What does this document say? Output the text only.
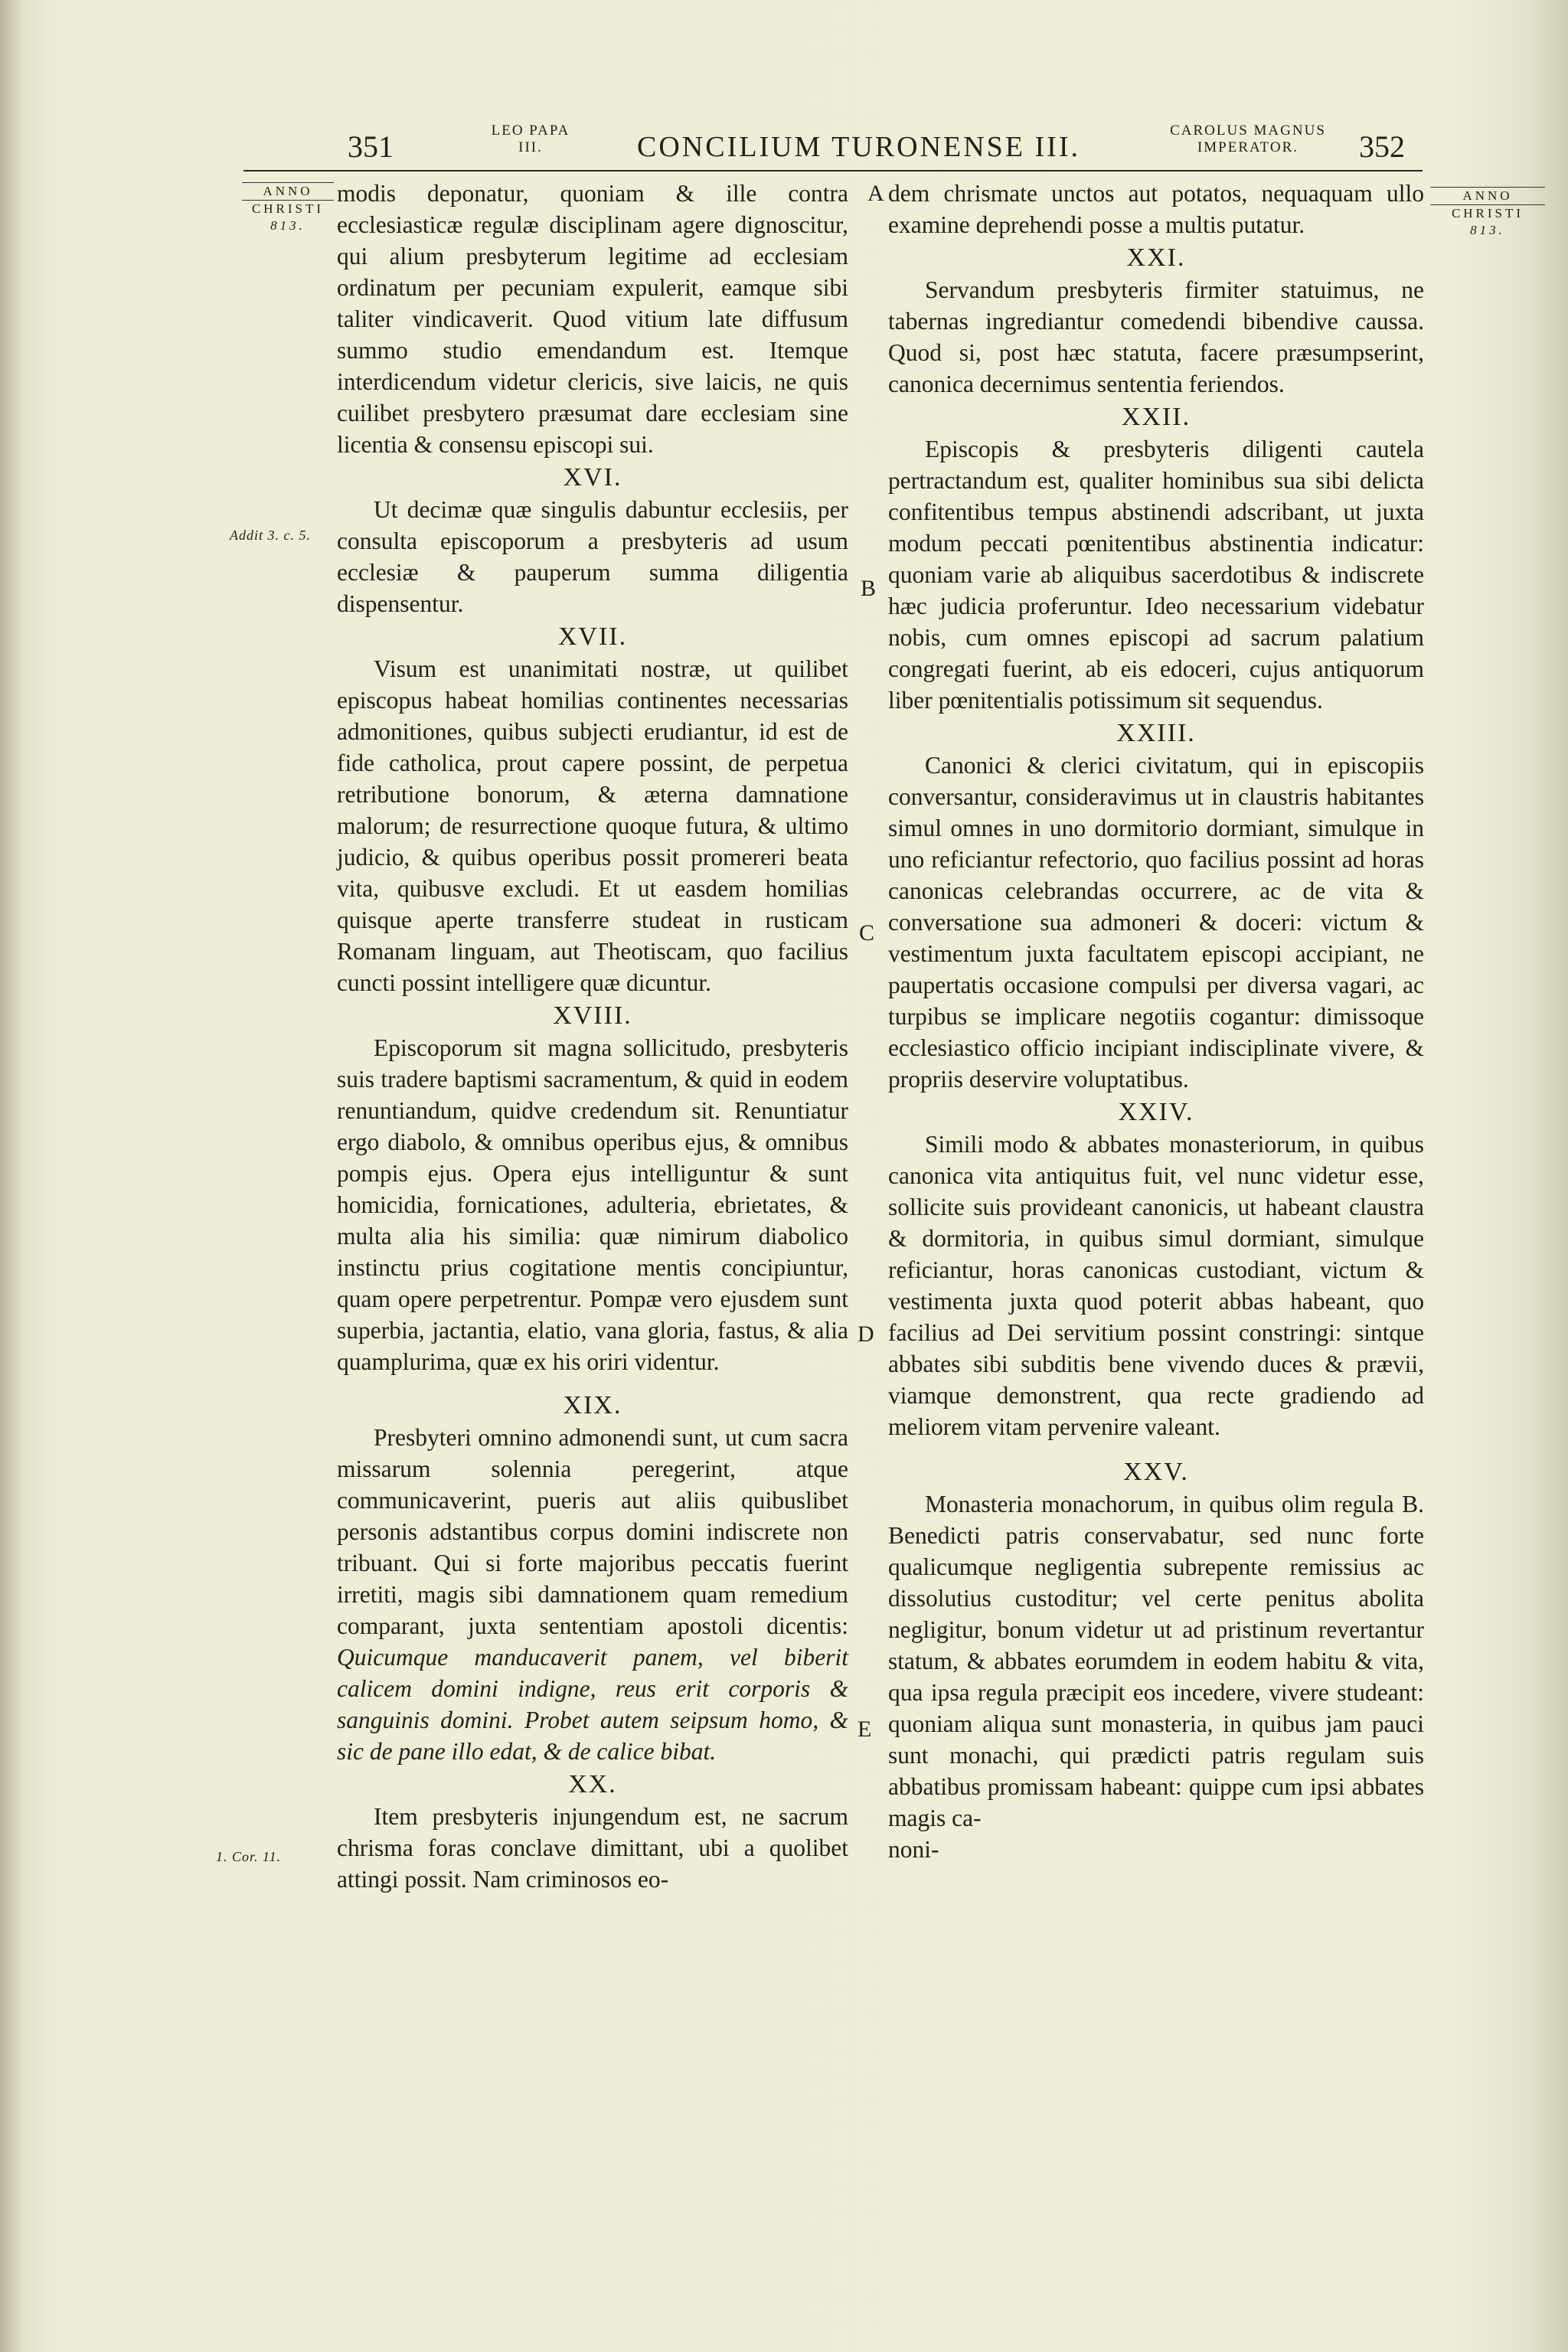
351	LEO PAPA
III.	CONCILIUM TURONENSE III.
CAROLUS MAGNUS
IMPERATOR.	352
ANNO
CHRISTI
813.
ANNO
CHRISTI
813.
Addit 3. c. 5.
1. Cor. 11.
A
B
C
D
E

modis deponatur, quoniam & ille contra ecclesiasticæ regulæ disciplinam agere dignoscitur, qui alium presbyterum legitime ad ecclesiam ordinatum per pecuniam expulerit, eamque sibi taliter vindicaverit. Quod vitium late diffusum summo studio emendandum est. Itemque interdicendum videtur clericis, sive laicis, ne quis cuilibet presbytero præsumat dare ecclesiam sine licentia & consensu episcopi sui.

XVI.

Ut decimæ quæ singulis dabuntur ecclesiis, per consulta episcoporum a presbyteris ad usum ecclesiæ & pauperum summa diligentia dispensentur.

XVII.

Visum est unanimitati nostræ, ut quilibet episcopus habeat homilias continentes necessarias admonitiones, quibus subjecti erudiantur, id est de fide catholica, prout capere possint, de perpetua retributione bonorum, & æterna damnatione malorum; de resurrectione quoque futura, & ultimo judicio, & quibus operibus possit promereri beata vita, quibusve excludi. Et ut easdem homilias quisque aperte transferre studeat in rusticam Romanam linguam, aut Theotiscam, quo facilius cuncti possint intelligere quæ dicuntur.

XVIII.

Episcoporum sit magna sollicitudo, presbyteris suis tradere baptismi sacramentum, & quid in eodem renuntiandum, quidve credendum sit. Renuntiatur ergo diabolo, & omnibus operibus ejus, & omnibus pompis ejus. Opera ejus intelliguntur & sunt homicidia, fornicationes, adulteria, ebrietates, & multa alia his similia: quæ nimirum diabolico instinctu prius cogitatione mentis concipiuntur, quam opere perpetrentur. Pompæ vero ejusdem sunt superbia, jactantia, elatio, vana gloria, fastus, & alia quamplurima, quæ ex his oriri videntur.

XIX.

Presbyteri omnino admonendi sunt, ut cum sacra missarum solennia peregerint, atque communicaverint, pueris aut aliis quibuslibet personis adstantibus corpus domini indiscrete non tribuant. Qui si forte majoribus peccatis fuerint irretiti, magis sibi damnationem quam remedium comparant, juxta sententiam apostoli dicentis: Quicumque manducaverit panem, vel biberit calicem domini indigne, reus erit corporis & sanguinis domini. Probet autem seipsum homo, & sic de pane illo edat, & de calice bibat.

XX.

Item presbyteris injungendum est, ne sacrum chrisma foras conclave dimittant, ubi a quolibet attingi possit. Nam criminosos eo-

dem chrismate unctos aut potatos, nequaquam ullo examine deprehendi posse a multis putatur.

XXI.

Servandum presbyteris firmiter statuimus, ne tabernas ingrediantur comedendi bibendive caussa. Quod si, post hæc statuta, facere præsumpserint, canonica decernimus sententia feriendos.

XXII.

Episcopis & presbyteris diligenti cautela pertractandum est, qualiter hominibus sua sibi delicta confitentibus tempus abstinendi adscribant, ut juxta modum peccati pœnitentibus abstinentia indicatur: quoniam varie ab aliquibus sacerdotibus & indiscrete hæc judicia proferuntur. Ideo necessarium videbatur nobis, cum omnes episcopi ad sacrum palatium congregati fuerint, ab eis edoceri, cujus antiquorum liber pœnitentialis potissimum sit sequendus.

XXIII.

Canonici & clerici civitatum, qui in episcopiis conversantur, consideravimus ut in claustris habitantes simul omnes in uno dormitorio dormiant, simulque in uno reficiantur refectorio, quo facilius possint ad horas canonicas celebrandas occurrere, ac de vita & conversatione sua admoneri & doceri: victum & vestimentum juxta facultatem episcopi accipiant, ne paupertatis occasione compulsi per diversa vagari, ac turpibus se implicare negotiis cogantur: dimissoque ecclesiastico officio incipiant indisciplinate vivere, & propriis deservire voluptatibus.

XXIV.

Simili modo & abbates monasteriorum, in quibus canonica vita antiquitus fuit, vel nunc videtur esse, sollicite suis provideant canonicis, ut habeant claustra & dormitoria, in quibus simul dormiant, simulque reficiantur, horas canonicas custodiant, victum & vestimenta juxta quod poterit abbas habeant, quo facilius ad Dei servitium possint constringi: sintque abbates sibi subditis bene vivendo duces & prævii, viamque demonstrent, qua recte gradiendo ad meliorem vitam pervenire valeant.

XXV.

Monasteria monachorum, in quibus olim regula B. Benedicti patris conservabatur, sed nunc forte qualicumque negligentia subrepente remissius ac dissolutius custoditur; vel certe penitus abolita negligitur, bonum videtur ut ad pristinum revertantur statum, & abbates eorumdem in eodem habitu & vita, qua ipsa regula præcipit eos incedere, vivere studeant: quoniam aliqua sunt monasteria, in quibus jam pauci sunt monachi, qui prædicti patris regulam suis abbatibus promissam habeant: quippe cum ipsi abbates magis ca-

noni-
